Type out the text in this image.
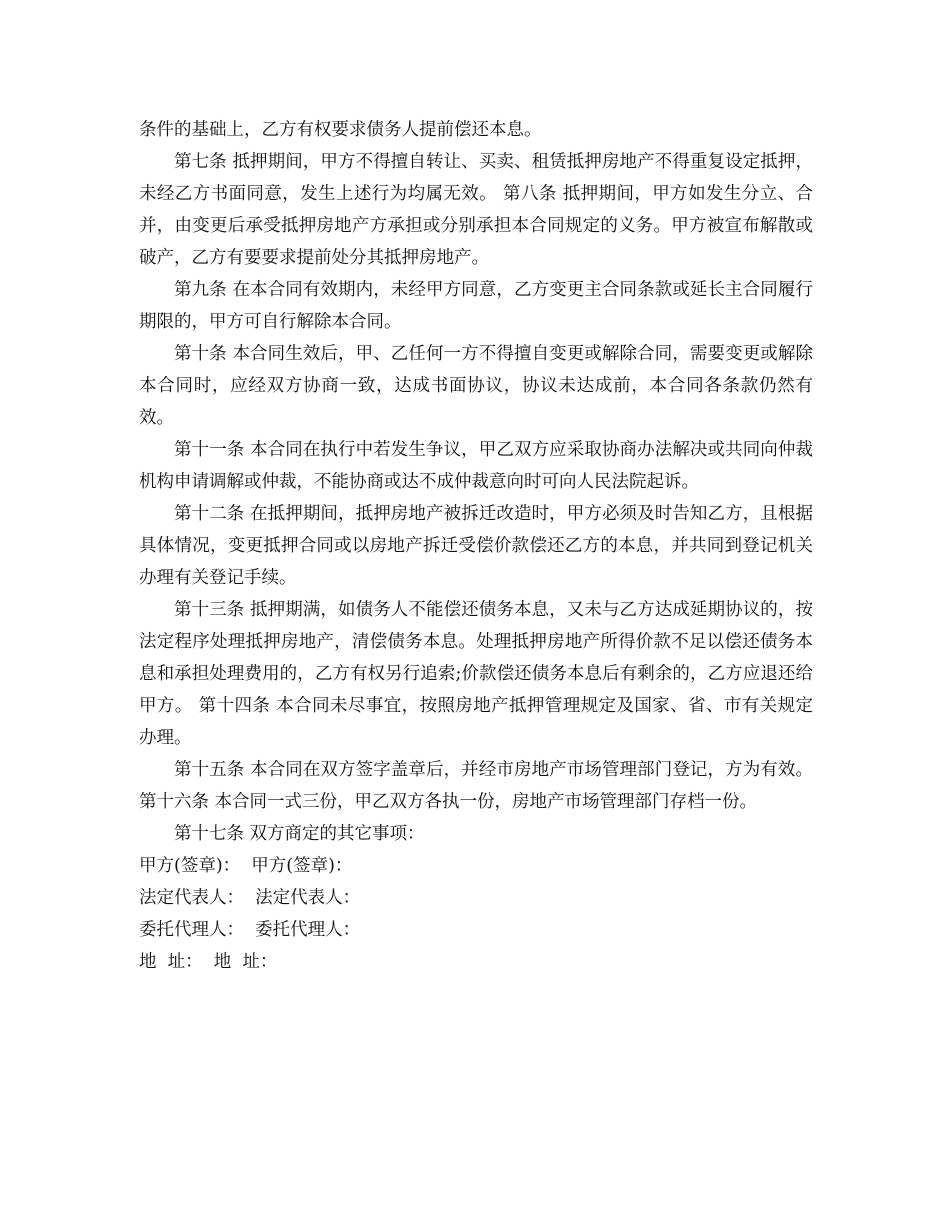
条件的基础上，乙方有权要求债务人提前偿还本息。

第七条 抵押期间，甲方不得擅自转让、买卖、租赁抵押房地产不得重复设定抵押，未经乙方书面同意，发生上述行为均属无效。 第八条 抵押期间，甲方如发生分立、合并，由变更后承受抵押房地产方承担或分别承担本合同规定的义务。甲方被宣布解散或破产，乙方有要要求提前处分其抵押房地产。

第九条 在本合同有效期内，未经甲方同意，乙方变更主合同条款或延长主合同履行期限的，甲方可自行解除本合同。

第十条 本合同生效后，甲、乙任何一方不得擅自变更或解除合同，需要变更或解除本合同时，应经双方协商一致，达成书面协议，协议未达成前，本合同各条款仍然有效。

第十一条 本合同在执行中若发生争议，甲乙双方应采取协商办法解决或共同向仲裁机构申请调解或仲裁，不能协商或达不成仲裁意向时可向人民法院起诉。

第十二条 在抵押期间，抵押房地产被拆迁改造时，甲方必须及时告知乙方，且根据具体情况，变更抵押合同或以房地产拆迁受偿价款偿还乙方的本息，并共同到登记机关办理有关登记手续。

第十三条 抵押期满，如债务人不能偿还债务本息，又未与乙方达成延期协议的，按法定程序处理抵押房地产，清偿债务本息。处理抵押房地产所得价款不足以偿还债务本息和承担处理费用的，乙方有权另行追索;价款偿还债务本息后有剩余的，乙方应退还给甲方。 第十四条 本合同未尽事宜，按照房地产抵押管理规定及国家、省、市有关规定办理。

第十五条 本合同在双方签字盖章后，并经市房地产市场管理部门登记，方为有效。 第十六条 本合同一式三份，甲乙双方各执一份，房地产市场管理部门存档一份。

第十七条 双方商定的其它事项：

甲方(签章)：  甲方(签章)：

法定代表人：  法定代表人：

委托代理人：  委托代理人：

地  址：  地  址：
